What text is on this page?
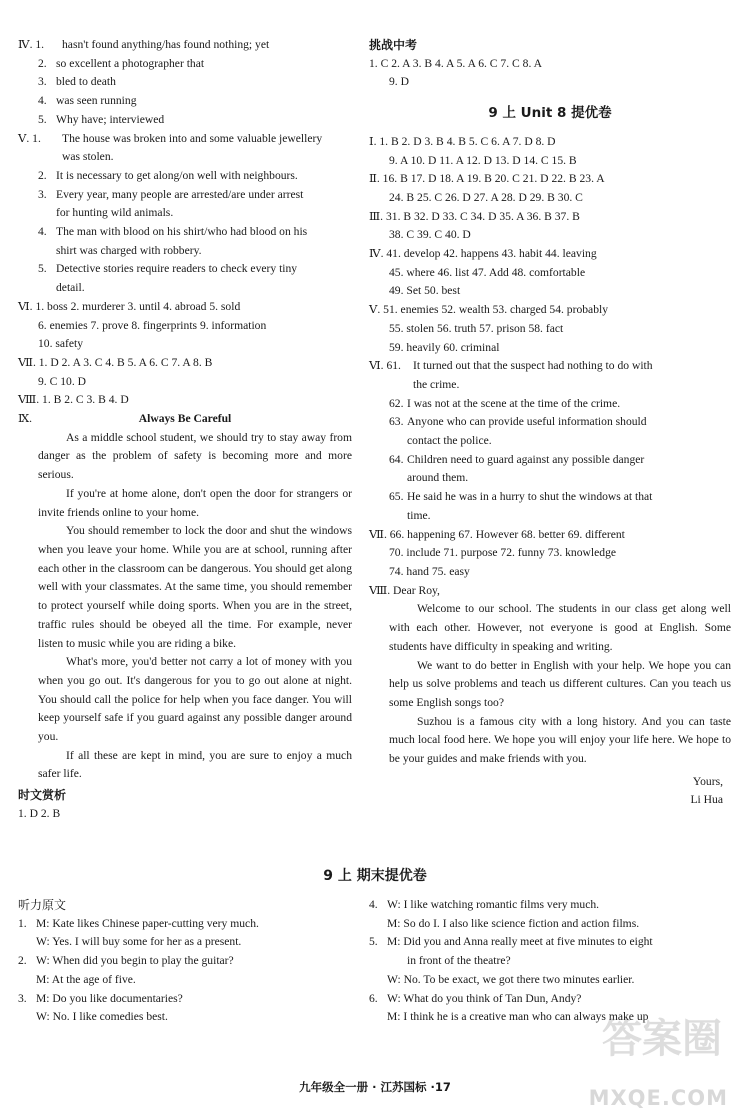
Ⅳ. 1.	hasn't found anything/has found nothing; yet
2. so excellent a photographer that
3. bled to death
4. was seen running
5. Why have; interviewed
Ⅴ. 1.	The house was broken into and some valuable jewellery
was stolen.
2. It is necessary to get along/on well with neighbours.
3. Every year, many people are arrested/are under arrest
for hunting wild animals.
4. The man with blood on his shirt/who had blood on his
shirt was charged with robbery.
5. Detective stories require readers to check every tiny
detail.
Ⅵ. 1. boss 2. murderer 3. until 4. abroad 5. sold
6. enemies 7. prove 8. fingerprints 9. information
10. safety
Ⅶ. 1. D 2. A 3. C 4. B 5. A 6. C 7. A 8. B
9. C 10. D
Ⅷ. 1. B 2. C 3. B 4. D
Ⅸ.	Always Be Careful

As a middle school student, we should try to stay away from danger as the problem of safety is becoming more and more serious.

If you're at home alone, don't open the door for strangers or invite friends online to your home.

You should remember to lock the door and shut the windows when you leave your home. While you are at school, running after each other in the classroom can be dangerous. You should get along well with your classmates. At the same time, you should remember to protect yourself while doing sports. When you are in the street, traffic rules should be obeyed all the time. For example, never listen to music while you are riding a bike.

What's more, you'd better not carry a lot of money with you when you go out. It's dangerous for you to go out alone at night. You should call the police for help when you face danger. You will keep yourself safe if you guard against any possible danger around you.

If all these are kept in mind, you are sure to enjoy a much safer life.

时文赏析
1. D 2. B
挑战中考
1. C 2. A 3. B 4. A 5. A 6. C 7. C 8. A
9. D
9 上 Unit 8 提优卷
Ⅰ. 1. B 2. D 3. B 4. B 5. C 6. A 7. D 8. D
9. A 10. D 11. A 12. D 13. D 14. C 15. B
Ⅱ. 16. B 17. D 18. A 19. B 20. C 21. D 22. B 23. A
24. B 25. C 26. D 27. A 28. D 29. B 30. C
Ⅲ. 31. B 32. D 33. C 34. D 35. A 36. B 37. B
38. C 39. C 40. D
Ⅳ. 41. develop 42. happens 43. habit 44. leaving
45. where 46. list 47. Add 48. comfortable
49. Set 50. best
Ⅴ. 51. enemies 52. wealth 53. charged 54. probably
55. stolen 56. truth 57. prison 58. fact
59. heavily 60. criminal
Ⅵ. 61.	It turned out that the suspect had nothing to do with
the crime.
62. I was not at the scene at the time of the crime.
63. Anyone who can provide useful information should
contact the police.
64. Children need to guard against any possible danger
around them.
65. He said he was in a hurry to shut the windows at that
time.
Ⅶ. 66. happening 67. However 68. better 69. different
70. include 71. purpose 72. funny 73. knowledge
74. hand 75. easy
Ⅷ. Dear Roy,

Welcome to our school. The students in our class get along well with each other. However, not everyone is good at English. Some students have difficulty in speaking and writing.

We want to do better in English with your help. We hope you can help us solve problems and teach us different cultures. Can you teach us some English songs too?

Suzhou is a famous city with a long history. And you can taste much local food here. We hope you will enjoy your life here. We hope to be your guides and make friends with you.

Yours,
Li Hua
9 上 期末提优卷
听力原文
1. M: Kate likes Chinese paper-cutting very much.
W: Yes. I will buy some for her as a present.
2. W: When did you begin to play the guitar?
M: At the age of five.
3. M: Do you like documentaries?
W: No. I like comedies best.
4. W: I like watching romantic films very much.
M: So do I. I also like science fiction and action films.
5. M: Did you and Anna really meet at five minutes to eight
in front of the theatre?
W: No. To be exact, we got there two minutes earlier.
6. W: What do you think of Tan Dun, Andy?
M: I think he is a creative man who can always make up
九年级全一册 · 江苏国标 ·17
答案圈
MXQE.COM
